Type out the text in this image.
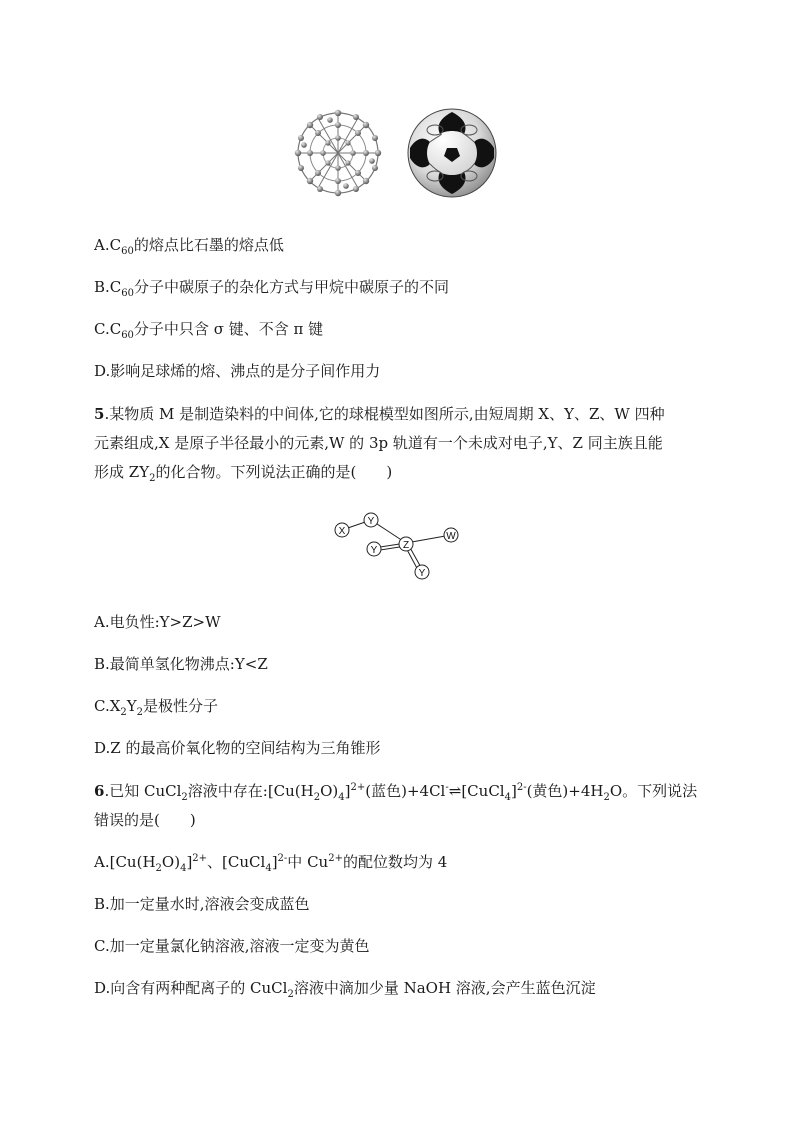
$A.C_{60}$的熔点比石墨的熔点低
$B.C_{60}$分子中碳原子的杂化方式与甲烷中碳原子的不同
$C.C_{60}$分子中只含 σ 键、不含 π 键
D.影响足球烯的熔、沸点的是分子间作用力
5.某物质 M 是制造染料的中间体,它的球棍模型如图所示,由短周期 X、Y、Z、W 四种
元素组成,X 是原子半径最小的元素,W 的 3p 轨道有一个未成对电子,Y、Z 同主族且能
形成 $ZY_2$的化合物。下列说法正确的是(　　)
X
Y
Y	Z
W
Y
A.电负性:Y>Z>W
B.最简单氢化物沸点:Y<Z
$C.X_2Y_2$是极性分子
D.Z 的最高价氧化物的空间结构为三角锥形
6.已知 CuCl$_2$溶液中存在$:[Cu(H_2O)_4]^{2+}$(蓝色)+4Cl-⇌[CuCl$_4$]$^{2-}$(黄色)$+4H_2O$。下列说法
错误的是(　　)
$A.[Cu(H_2O)_4]^{2+}$、[CuCl$_4$]$^{2-}$中 $Cu^{2+}$的配位数均为 4
B.加一定量水时,溶液会变成蓝色
C.加一定量氯化钠溶液,溶液一定变为黄色
D.向含有两种配离子的 CuCl$_2$溶液中滴加少量 NaOH 溶液,会产生蓝色沉淀
